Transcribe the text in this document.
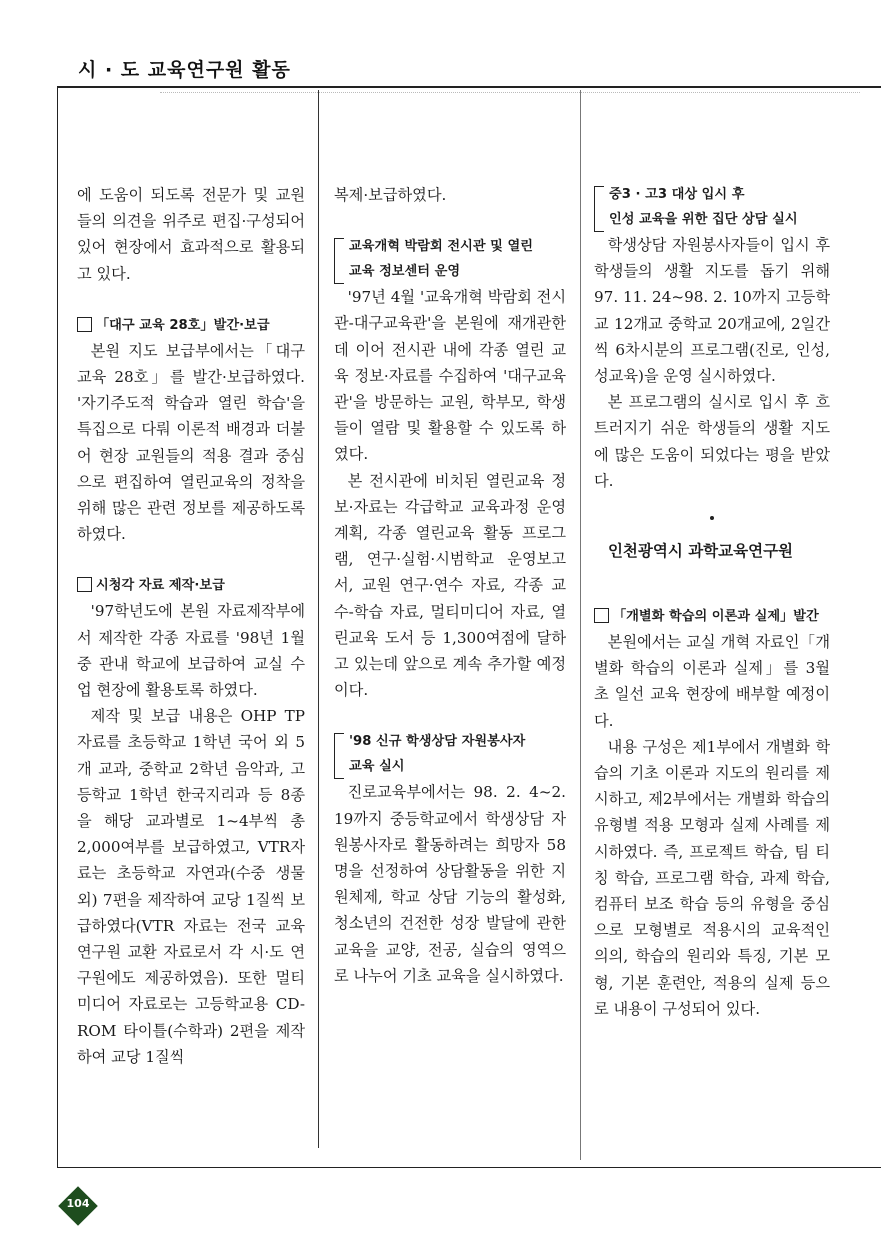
시 · 도 교육연구원 활동

에 도움이 되도록 전문가 및 교원들의 의견을 위주로 편집·구성되어 있어 현장에서 효과적으로 활용되고 있다.

「대구 교육 28호」발간·보급

본원 지도 보급부에서는「대구교육 28호」를 발간·보급하였다. '자기주도적 학습과 열린 학습'을 특집으로 다뤄 이론적 배경과 더불어 현장 교원들의 적용 결과 중심으로 편집하여 열린교육의 정착을 위해 많은 관련 정보를 제공하도록 하였다.

시청각 자료 제작·보급

'97학년도에 본원 자료제작부에서 제작한 각종 자료를 '98년 1월 중 관내 학교에 보급하여 교실 수업 현장에 활용토록 하였다.

제작 및 보급 내용은 OHP TP 자료를 초등학교 1학년 국어 외 5개 교과, 중학교 2학년 음악과, 고등학교 1학년 한국지리과 등 8종을 해당 교과별로 1~4부씩 총 2,000여부를 보급하였고, VTR자료는 초등학교 자연과(수중 생물 외) 7편을 제작하여 교당 1질씩 보급하였다(VTR 자료는 전국 교육연구원 교환 자료로서 각 시·도 연구원에도 제공하였음). 또한 멀티미디어 자료로는 고등학교용 CD-ROM 타이틀(수학과) 2편을 제작하여 교당 1질씩

복제·보급하였다.

교육개혁 박람회 전시관 및 열린
교육 정보센터 운영

'97년 4월 '교육개혁 박람회 전시관-대구교육관'을 본원에 재개관한데 이어 전시관 내에 각종 열린 교육 정보·자료를 수집하여 '대구교육관'을 방문하는 교원, 학부모, 학생들이 열람 및 활용할 수 있도록 하였다.

본 전시관에 비치된 열린교육 정보·자료는 각급학교 교육과정 운영 계획, 각종 열린교육 활동 프로그램, 연구·실험·시범학교 운영보고서, 교원 연구·연수 자료, 각종 교수-학습 자료, 멀티미디어 자료, 열린교육 도서 등 1,300여점에 달하고 있는데 앞으로 계속 추가할 예정이다.

'98 신규 학생상담 자원봉사자
교육 실시

진로교육부에서는 98. 2. 4~2. 19까지 중등학교에서 학생상담 자원봉사자로 활동하려는 희망자 58명을 선정하여 상담활동을 위한 지원체제, 학교 상담 기능의 활성화, 청소년의 건전한 성장 발달에 관한 교육을 교양, 전공, 실습의 영역으로 나누어 기초 교육을 실시하였다.

중3 · 고3 대상 입시 후
인성 교육을 위한 집단 상담 실시

학생상담 자원봉사자들이 입시 후 학생들의 생활 지도를 돕기 위해 97. 11. 24~98. 2. 10까지 고등학교 12개교 중학교 20개교에, 2일간씩 6차시분의 프로그램(진로, 인성, 성교육)을 운영 실시하였다.

본 프로그램의 실시로 입시 후 흐트러지기 쉬운 학생들의 생활 지도에 많은 도움이 되었다는 평을 받았다.

인천광역시 과학교육연구원

「개별화 학습의 이론과 실제」발간

본원에서는 교실 개혁 자료인「개별화 학습의 이론과 실제」를 3월 초 일선 교육 현장에 배부할 예정이다.

내용 구성은 제1부에서 개별화 학습의 기초 이론과 지도의 원리를 제시하고, 제2부에서는 개별화 학습의 유형별 적용 모형과 실제 사례를 제시하였다. 즉, 프로젝트 학습, 팀 티칭 학습, 프로그램 학습, 과제 학습, 컴퓨터 보조 학습 등의 유형을 중심으로 모형별로 적용시의 교육적인 의의, 학습의 원리와 특징, 기본 모형, 기본 훈련안, 적용의 실제 등으로 내용이 구성되어 있다.

104
